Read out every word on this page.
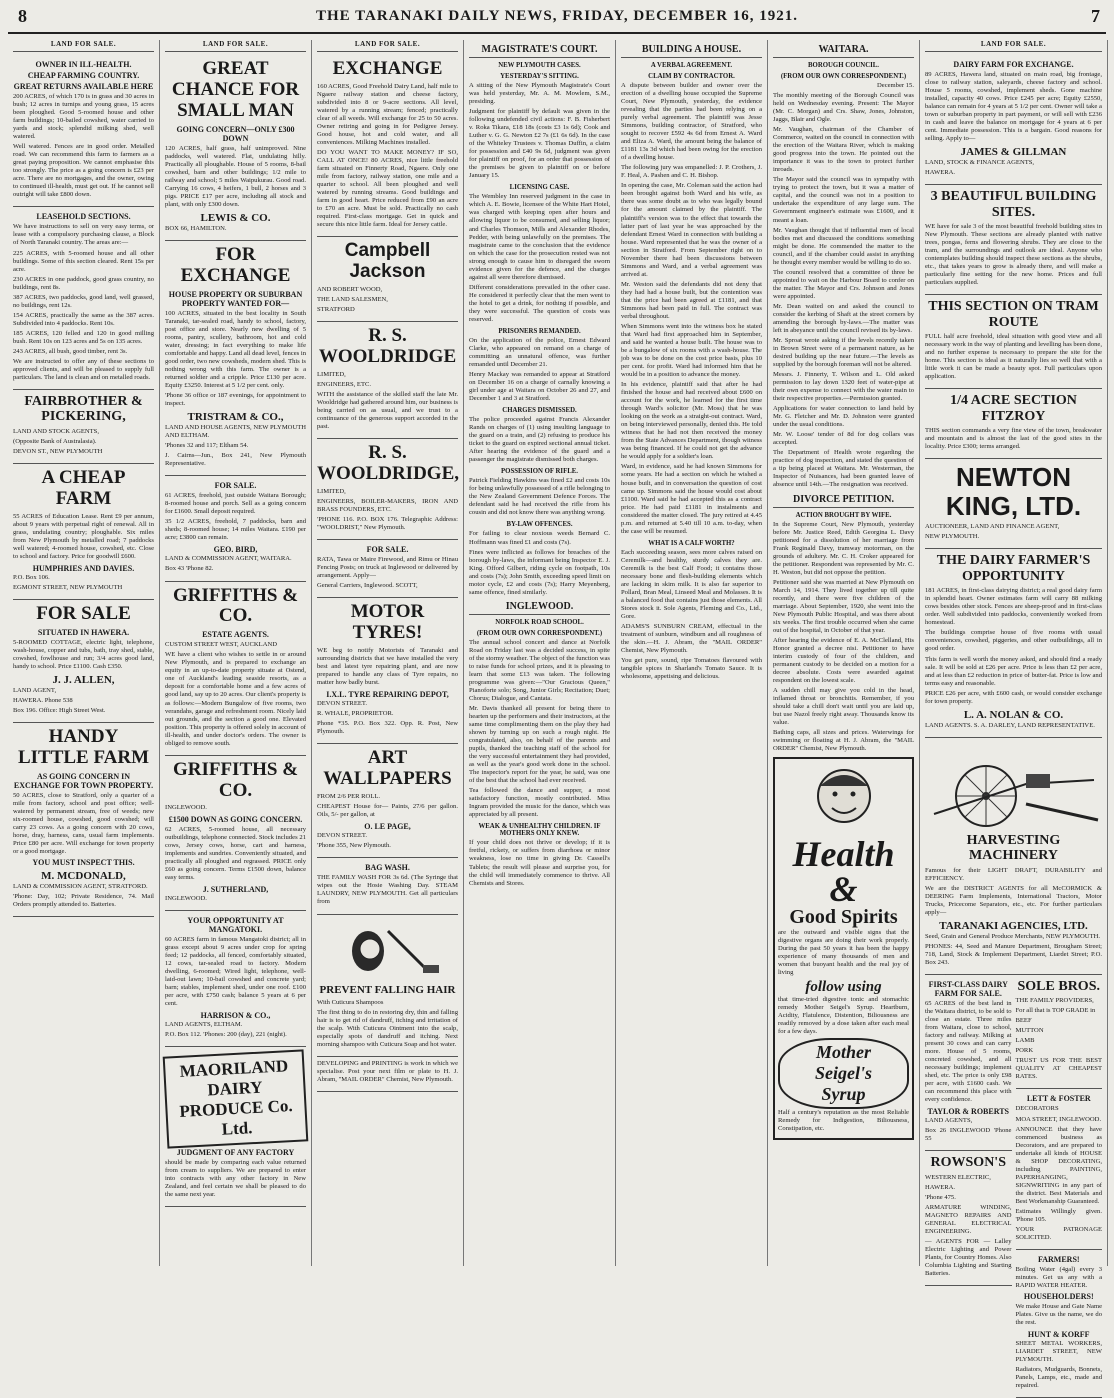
8	THE TARANAKI DAILY NEWS, FRIDAY, DECEMBER 16, 1921.	7
LAND FOR SALE.
OWNER IN ILL-HEALTH.
CHEAP FARMING COUNTRY.
GREAT RETURNS AVAILABLE HERE

200 ACRES, of which 170 is in grass and 30 acres in bush; 12 acres in turnips and young grass, 15 acres been ploughed. Good 5-roomed house and other farm buildings; 10-bailed cowshed, water carried to yards and stock; splendid milking shed, well watered.

Well watered. Fences are in good order. Metalled road. We can recommend this farm to farmers as a great paying proposition. We cannot emphasise this too strongly. The price as a going concern is £23 per acre. There are no mortgages, and the owner, owing to continued ill-health, must get out. If he cannot sell outright will take £800 down.

LEASEHOLD SECTIONS.

We have instructions to sell on very easy terms, or lease with a compulsory purchasing clause, a Block of North Taranaki country. The areas are:—

225 ACRES, with 5-roomed house and all other buildings. Some of this section cleared. Rent 15s per acre.

230 ACRES in one paddock, good grass country, no buildings, rent 8s.

387 ACRES, two paddocks, good land, well grassed, no buildings, rent 12s.

154 ACRES, practically the same as the 387 acres. Subdivided into 4 paddocks. Rent 10s.

185 ACRES, 120 felled and 120 in good milling bush. Rent 10s on 123 acres and 5s on 135 acres.

243 ACRES, all bush, good timber, rent 3s.

We are instructed to offer any of these sections to approved clients, and will be pleased to supply full particulars. The land is clean and on metalled roads.

FAIRBROTHER & PICKERING,

LAND AND STOCK AGENTS,

(Opposite Bank of Australasia).

DEVON ST., NEW PLYMOUTH

A CHEAP FARM

55 ACRES of Education Lease. Rent £9 per annum, about 9 years with perpetual right of renewal. All in grass, undulating country; ploughable. Six miles from New Plymouth by metalled road; 7 paddocks well watered; 4-roomed house, cowshed, etc. Close to school and factory. Price for goodwill £600.

HUMPHRIES AND DAVIES.

P.O. Box 106.

EGMONT STREET, NEW PLYMOUTH

FOR SALE
SITUATED IN HAWERA.

5-ROOMED COTTAGE, electric light, telephone, wash-house, copper and tubs, bath, tray shed, stable, cowshed, fowlhouse and run; 3/4 acres good land, handy to school. Price £1100. Cash £350.

J. J. ALLEN,

LAND AGENT,

HAWERA. Phone 538

Box 196. Office: High Street West.

HANDY LITTLE FARM
AS GOING CONCERN IN EXCHANGE FOR TOWN PROPERTY.

50 ACRES, close to Stratford, only a quarter of a mile from factory, school and post office; well-watered by permanent stream, free of weeds; new six-roomed house, cowshed, good cowshed; will carry 23 cows. As a going concern with 20 cows, horse, dray, harness, cans, usual farm implements. Price £80 per acre. Will exchange for town property or a good mortgage.

YOU MUST INSPECT THIS.
M. MCDONALD,

LAND & COMMISSION AGENT, STRATFORD.

'Phone: Day, 102; Private Residence, 74. Mail Orders promptly attended to. Batteries.

LAND FOR SALE.
GREAT CHANCE FOR SMALL MAN
GOING CONCERN—ONLY £300 DOWN

120 ACRES, half grass, half unimproved. Nine paddocks, well watered. Flat, undulating hilly. Practically all ploughable. House of 5 rooms, 8-bail cowshed, barn and other buildings; 1/2 mile to railway and school; 5 miles Waipukurau. Good road. Carrying 16 cows, 4 heifers, 1 bull, 2 horses and 3 pigs. PRICE £17 per acre, including all stock and plant, with only £300 down.

LEWIS & CO.

BOX 66, HAMILTON.

FOR EXCHANGE
HOUSE PROPERTY OR SUBURBAN PROPERTY WANTED FOR—

100 ACRES, situated in the best locality in South Taranaki, tar-sealed road, handy to school, factory, post office and store. Nearly new dwelling of 5 rooms, pantry, scullery, bathroom, hot and cold water, dressing; in fact everything to make life comfortable and happy. Land all dead level, fences in good order, two new cowsheds, modern shed. This is nothing wrong with this farm. The owner is a returned soldier and a cripple. Price £130 per acre. Equity £3250. Interest at 5 1/2 per cent. only.

'Phone 36 office or 187 evenings, for appointment to inspect.

TRISTRAM & CO.,

LAND AND HOUSE AGENTS, NEW PLYMOUTH AND ELTHAM.

'Phones 32 and 117; Eltham 54.

J. Cairns—Jun., Box 241, New Plymouth Representative.

FOR SALE.

61 ACRES, freehold, just outside Waitara Borough; 8-roomed house and porch. Sell as a going concern for £1600. Small deposit required.

35 1/2 ACRES, freehold, 7 paddocks, barn and sheds; 8-roomed house; 14 miles Waitara. £190 per acre; £3800 can remain.

GEO. BIRD,

LAND & COMMISSION AGENT, WAITARA.

Box 43 'Phone 82.

GRIFFITHS & CO.
ESTATE AGENTS.

CUSTOM STREET WEST, AUCKLAND

WE have a client who wishes to settle in or around New Plymouth, and is prepared to exchange an equity in an up-to-date property situate at Ostend, one of Auckland's leading seaside resorts, as a deposit for a comfortable home and a few acres of good land, say up to 20 acres. Our client's property is as follows:—Modern Bungalow of five rooms, two verandahs, garage and refreshment room. Nicely laid out grounds, and the section a good one. Elevated position. This property is offered solely in account of ill-health, and under doctor's orders. The owner is obliged to remove south.

GRIFFITHS & CO.

INGLEWOOD.

£1500 DOWN AS GOING CONCERN.

62 ACRES, 5-roomed house, all necessary outbuildings, telephone connected. Stock includes 21 cows, Jersey cows, horse, cart and harness, implements and sundries. Conveniently situated, and practically all ploughed and regrassed. PRICE only £60 as going concern. Terms £1500 down, balance easy terms.

J. SUTHERLAND,

INGLEWOOD.

YOUR OPPORTUNITY AT MANGATOKI.

60 ACRES farm in famous Mangatoki district; all in grass except about 9 acres under crop for spring feed; 12 paddocks, all fenced, comfortably situated, 12 cows, tar-sealed road to factory. Modern dwelling, 6-roomed; Wired light, telephone, well-laid-out lawn; 10-bail cowshed and concrete yard; barn; stables, implement shed, under one roof. £100 per acre, with £750 cash; balance 5 years at 6 per cent.

HARRISON & CO.,

LAND AGENTS, ELTHAM.

P.O. Box 112. 'Phones: 200 (day), 221 (night).

MAORILAND DAIRY PRODUCE Co. Ltd.
JUDGMENT OF ANY FACTORY

should be made by comparing each value returned from cream to suppliers. We are prepared to enter into contracts with any other factory in New Zealand, and feel certain we shall be pleased to do the same next year.

LAND FOR SALE.
EXCHANGE

160 ACRES, Good Freehold Dairy Land, half mile to Ngaere railway station and cheese factory, subdivided into 8 or 9-acre sections. All level, watered by a running stream; fenced; practically clear of all weeds. Will exchange for 25 to 50 acres. Owner retiring and going in for Pedigree Jersey. Good house, hot and cold water, and all conveniences. Milking Machines installed.

DO YOU WANT TO MAKE MONEY? IF SO, CALL AT ONCE! 80 ACRES, nice little freehold farm situated on Finnerty Road, Ngaere. Only one mile from factory, railway station, one mile and a quarter to school. All been ploughed and well watered by running streams. Good buildings and farm in good heart. Price reduced from £90 an acre to £70 an acre. Must be sold. Practically no cash required. First-class mortgage. Get in quick and secure this nice little farm. Ideal for Jersey cattle.

Campbell Jackson

AND ROBERT WOOD,

THE LAND SALESMEN,

STRATFORD

R. S. WOOLDRIDGE

LIMITED,

ENGINEERS, ETC.

WITH the assistance of the skilled staff the late Mr. Wooldridge had gathered around him, our business is being carried on as usual, and we trust to a continuance of the generous support accorded in the past.

R. S. WOOLDRIDGE,

LIMITED,

ENGINEERS, BOILER-MAKERS, IRON AND BRASS FOUNDERS, ETC.

'PHONE 116. P.O. BOX 176. Telegraphic Address: "WOOLDRIST," New Plymouth.

FOR SALE.

RATA, Tawa or Maire Firewood, and Rimu or Hinau Fencing Posts; on truck at Inglewood or delivered by arrangement. Apply—

General Carriers, Inglewood. SCOTT,

MOTOR TYRES!

WE beg to notify Motorists of Taranaki and surrounding districts that we have installed the very best and latest tyre repairing plant, and are now prepared to handle any class of Tyre repairs, no matter how badly burst.

I.X.L. TYRE REPAIRING DEPOT,

DEVON STREET.

R. WHALE, PROPRIETOR.

Phone *35. P.O. Box 322. Opp. R. Post, New Plymouth.

ART WALLPAPERS

FROM 2/6 PER ROLL.

CHEAPEST House for— Paints, 27/6 per gallon. Oils, 5/- per gallon, at

O. LE PAGE,

DEVON STREET.

'Phone 355, New Plymouth.

BAG WASH.

THE FAMILY WASH FOR 3s 6d. (The Syringe that wipes out the Hosie Washing Day. STEAM LAUNDRY, NEW PLYMOUTH. Get all particulars from

PREVENT FALLING HAIR

With Cuticura Shampoos

The first thing to do in restoring dry, thin and falling hair is to get rid of dandruff, itching and irritation of the scalp. With Cuticura Ointment into the scalp, especially spots of dandruff and itching. Next morning shampoo with Cuticura Soap and hot water.

DEVELOPING and PRINTING is work in which we specialise. Post your next film or plate to H. J. Abram, "MAIL ORDER" Chemist, New Plymouth.

MAGISTRATE'S COURT.
NEW PLYMOUTH CASES.
YESTERDAY'S SITTING.

A sitting of the New Plymouth Magistrate's Court was held yesterday, Mr. A. M. Mowlem, S.M., presiding.

Judgment for plaintiff by default was given in the following undefended civil actions: F. B. Fisherbert v. Roka Tikara, £18 18s (costs £3 1s 6d); Cook and Luther v. G. G. Newton £2 7s (£1 6s 6d). In the case of the Whiteley Trustees v. Thomas Duffin, a claim for possession and £40 9s 6d, judgment was given for plaintiff on proof, for an order that possession of the premises be given to plaintiff on or before January 15.

LICENSING CASE.

The Wembley Inn reserved judgment in the case in which A. E. Bowie, licensee of the White Hart Hotel, was charged with keeping open after hours and allowing liquor to be consumed, and selling liquor; and Charles Thomson, Mills and Alexander Rhodes, Pedder, with being unlawfully on the premises. The magistrate came to the conclusion that the evidence on which the case for the prosecution rested was not strong enough to cause him to disregard the sworn evidence given for the defence, and the charges against all were therefore dismissed.

Different considerations prevailed in the other case. He considered it perfectly clear that the men went to the hotel to get a drink, for nothing if possible, and they were successful. The question of costs was reserved.

PRISONERS REMANDED.

On the application of the police, Ernest Edward Clarke, who appeared on remand on a charge of committing an unnatural offence, was further remanded until December 21.

Henry Mackay was remanded to appear at Stratford on December 16 on a charge of carnally knowing a girl under age at Waitara on October 26 and 27, and December 1 and 3 at Stratford.

CHARGES DISMISSED.

The police proceeded against Francis Alexander Rands on charges of (1) using insulting language to the guard on a train, and (2) refusing to produce his ticket to the guard on expired sectional annual ticket. After hearing the evidence of the guard and a passenger the magistrate dismissed both charges.

POSSESSION OF RIFLE.

Patrick Fielding Hawkins was fined £2 and costs 10s for being unlawfully possessed of a rifle belonging to the New Zealand Government Defence Forces. The defendant said he had received the rifle from his cousin and did not know there was anything wrong.

BY-LAW OFFENCES.

For failing to clear noxious weeds Bernard C. Hoffmann was fined £1 and costs (7s).

Fines were inflicted as follows for breaches of the borough by-laws, the informant being Inspector E. J. King. Offord Gilbert, riding cycle on footpath, 10s and costs (7s); John Smith, exceeding speed limit on motor cycle, £2 and costs (7s); Harry Meyenberg, same offence, fined similarly.

INGLEWOOD.
NORFOLK ROAD SCHOOL.
(FROM OUR OWN CORRESPONDENT.)

The annual school concert and dance at Norfolk Road on Friday last was a decided success, in spite of the stormy weather. The object of the function was to raise funds for school prizes, and it is pleasing to learn that some £13 was taken. The following programme was given:—"Our Gracious Queen," Pianoforte solo; Song, Junior Girls; Recitation; Duet; Chorus; Dialogue, and Cantata.

Mr. Davis thanked all present for being there to hearten up the performers and their instructors, at the same time complimenting them on the play they had shown by turning up on such a rough night. He congratulated, also, on behalf of the parents and pupils, thanked the teaching staff of the school for the very successful entertainment they had provided, as well as the year's good work done in the school. The inspector's report for the year, he said, was one of the best that the school had ever received.

Tea followed the dance and supper, a most satisfactory function, mostly contributed. Miss Ingram provided the music for the dance, which was appreciated by all present.

WEAK & UNHEALTHY CHILDREN. IF MOTHERS ONLY KNEW.

If your child does not thrive or develop; if it is fretful, rickety, or suffers from diarrhoea or minor weakness, lose no time in giving Dr. Cassell's Tablets; the result will please and surprise you, for the child will immediately commence to thrive. All Chemists and Stores.

BUILDING A HOUSE.
A VERBAL AGREEMENT.
CLAIM BY CONTRACTOR.

A dispute between builder and owner over the erection of a dwelling house occupied the Supreme Court, New Plymouth, yesterday, the evidence revealing that the parties had been relying on a purely verbal agreement. The plaintiff was Jesse Simmons, building contractor, of Stratford, who sought to recover £592 4s 6d from Ernest A. Ward and Eliza A. Ward, the amount being the balance of £1181 13s 3d which had been owing for the erection of a dwelling house.

The following jury was empanelled: J. P. Crothers, J. F. Heal, A. Pashen and C. H. Bishop.

In opening the case, Mr. Coleman said the action had been brought against both Ward and his wife, as there was some doubt as to who was legally bound for the amount claimed by the plaintiff. The plaintiff's version was to the effect that towards the latter part of last year he was approached by the defendant Ernest Ward in connection with building a house. Ward represented that he was the owner of a section in Stratford. From September right on to November there had been discussions between Simmons and Ward, and a verbal agreement was arrived at.

Mr. Weston said the defendants did not deny that they had had a house built, but the contention was that the price had been agreed at £1181, and that Simmons had been paid in full. The contract was verbal throughout.

When Simmons went into the witness box he stated that Ward had first approached him in September, and said he wanted a house built. The house was to be a bungalow of six rooms with a wash-house. The job was to be done on the cost price basis, plus 10 per cent. for profit. Ward had informed him that he would be in a position to advance the money.

In his evidence, plaintiff said that after he had finished the house and had received about £600 on account for the work, he learned for the first time through Ward's solicitor (Mr. Moss) that he was looking on the work as a straight-out contract. Ward, on being interviewed personally, denied this. He told witness that he had not then received the money from the State Advances Department, though witness was being financed. If he could not get the advance he would apply for a soldier's loan.

Ward, in evidence, said he had known Simmons for some years. He had a section on which he wished a house built, and in conversation the question of cost came up. Simmons said the house would cost about £1100. Ward said he had accepted this as a contract price. He had paid £1181 in instalments and considered the matter closed. The jury retired at 4.45 p.m. and returned at 5.40 till 10 a.m. to-day, when the case will be resumed.

WHAT IS A CALF WORTH?

Each succeeding season, sees more calves raised on Ceremilk—and healthy, sturdy calves they are. Ceremilk is the best Calf Food; it contains those necessary bone and flesh-building elements which are lacking in skim milk. It is also far superior to Pollard, Bran Meal, Linseed Meal and Molasses. It is a balanced food that contains just those elements. All Stores stock it. Sole Agents, Fleming and Co., Ltd., Gore.

ADAMS'S SUNBURN CREAM, effectual in the treatment of sunburn, windburn and all roughness of the skin.—H. J. Abram, the "MAIL ORDER" Chemist, New Plymouth.

You get pure, sound, ripe Tomatoes flavoured with tangible spices in Sharland's Tomato Sauce. It is wholesome, appetising and delicious.

WAITARA.
BOROUGH COUNCIL.
(FROM OUR OWN CORRESPONDENT.)

December 15.

The monthly meeting of the Borough Council was held on Wednesday evening. Present: The Mayor (Mr. C. Morgan) and Crs. Shaw, Jones, Johnston, Jaggs, Blair and Ogle.

Mr. Vaughan, chairman of the Chamber of Commerce, waited on the council in connection with the erection of the Waitara River, which is making good progress into the town. He pointed out the importance it was to the town to protect further inroads.

The Mayor said the council was in sympathy with trying to protect the town, but it was a matter of capital, and the council was not in a position to undertake the expenditure of any large sum. The Government engineer's estimate was £1600, and it meant a loan.

Mr. Vaughan thought that if influential men of local bodies met and discussed the conditions something might be done. He commended the matter to the council, and if the chamber could assist in anything he thought every member would be willing to do so.

The council resolved that a committee of three be appointed to wait on the Harbour Board to confer on the matter. The Mayor and Crs. Johnson and Jones were appointed.

Mr. Dean waited on and asked the council to consider the kerbing of Shaft at the street corners by amending the borough by-laws.—The matter was left in abeyance until the council revised its by-laws.

Mr. Sproat wrote asking if the levels recently taken in Brown Street were of a permanent nature, as he desired building up the near future.—The levels as supplied by the borough foreman will not be altered.

Messrs. J. Finnerty, T. Wilson and L. Old asked permission to lay down 1320 feet of water-pipe at their own expense to connect with the water main to their respective properties.—Permission granted.

Applications for water connection to land held by Mr. G. Fletcher and Mr. D. Johnston were granted under the usual conditions.

Mr. W. Loose' tender of 8d for dog collars was accepted.

The Department of Health wrote regarding the practice of dog inspection, and stated the question of a tip being placed at Waitara. Mr. Westerman, the Inspector of Nuisances, had been granted leave of absence until 14th.—The resignation was received.

DIVORCE PETITION.
ACTION BROUGHT BY WIFE.

In the Supreme Court, New Plymouth, yesterday before Mr. Justice Reed, Edith Georgina L. Davy petitioned for a dissolution of her marriage from Frank Reginald Davy, tramway motorman, on the grounds of adultery. Mr. C. H. Croker appeared for the petitioner. Respondent was represented by Mr. C. H. Weston, but did not oppose the petition.

Petitioner said she was married at New Plymouth on March 14, 1914. They lived together up till quite recently, and there were five children of the marriage. About September, 1920, she went into the New Plymouth Public Hospital, and was there about six weeks. The first trouble occurred when she came out of the hospital, in October of that year.

After hearing the evidence of E. A. McClelland, His Honor granted a decree nisi. Petitioner to have interim custody of four of the children, and permanent custody to be decided on a motion for a decree absolute. Costs were awarded against respondent on the lowest scale.

A sudden chill may give you cold in the head, inflamed throat or bronchitis. Remember, if you should take a chill don't wait until you are laid up, but use Nazol freely right away. Thousands know its value.

Bathing caps, all sizes and prices. Waterwings for swimming or floating at H. J. Abram, the "MAIL ORDER" Chemist, New Plymouth.

Health &
Good Spirits

are the outward and visible signs that the digestive organs are doing their work properly. During the past 50 years it has been the happy experience of many thousands of men and women that buoyant health and the real joy of living

follow using

that time-tried digestive tonic and stomachic remedy Mother Seigel's Syrup. Heartburn, Acidity, Flatulence, Distention, Biliousness are readily removed by a dose taken after each meal for a few days.

Mother Seigel's Syrup

Half a century's reputation as the most Reliable Remedy for Indigestion, Biliousness, Constipation, etc.

LAND FOR SALE.
DAIRY FARM FOR EXCHANGE.

89 ACRES, Hawera land, situated on main road, big frontage, close to railway station, saleyards, cheese factory and school. House 5 rooms, cowshed, implement sheds. Gone machine installed, capacity 40 cows. Price £245 per acre; Equity £2550, balance can remain for 4 years at 5 1/2 per cent. Owner will take a town or suburban property in part payment, or will sell with £236 in cash and leave the balance on mortgage for 4 years at 6 per cent. Immediate possession. This is a bargain. Good reasons for selling. Apply to—

JAMES & GILLMAN

LAND, STOCK & FINANCE AGENTS,

HAWERA.

3 BEAUTIFUL BUILDING SITES.

WE have for sale 3 of the most beautiful freehold building sites in New Plymouth. These sections are already planted with native trees, pongas, ferns and flowering shrubs. They are close to the tram, and the surroundings and outlook are ideal. Anyone who contemplates building should inspect these sections as the shrubs, etc., that takes years to grow is already there, and will make a particularly fine setting for the new home. Prices and full particulars supplied.

THIS SECTION ON TRAM ROUTE

FULL half acre freehold, ideal situation with good view and all necessary work in the way of planting and levelling has been done, and no further expense is necessary to prepare the site for the home. This section is ideal as it naturally lies so well that with a little work it can be made a beauty spot. Full particulars upon application.

1/4 ACRE SECTION FITZROY

THIS section commands a very fine view of the town, breakwater and mountain and is almost the last of the good sites in the locality. Price £300; terms arranged.

NEWTON KING, LTD.

AUCTIONEER, LAND AND FINANCE AGENT,

NEW PLYMOUTH.

THE DAIRY FARMER'S OPPORTUNITY

181 ACRES, in first-class dairying district; a real good dairy farm in splendid heart. Owner estimates farm will carry 88 milking cows besides other stock. Fences are sheep-proof and in first-class order. Well subdivided into paddocks, conveniently worked from homestead.

The buildings comprise house of five rooms with usual conveniences, cowshed, piggeries, and other outbuildings, all in good order.

This farm is well worth the money asked, and should find a ready sale. It will be sold at £26 per acre. Price is less than £2 per acre, and at less than £2 reduction in price of butter-fat. Price is low and terms easy and reasonable.

PRICE £26 per acre, with £600 cash, or would consider exchange for town property.

L. A. NOLAN & CO.

LAND AGENTS. S. A. DARLEY, LAND REPRESENTATIVE.

HARVESTING MACHINERY

Famous for their LIGHT DRAFT, DURABILITY and EFFICIENCY.

We are the DISTRICT AGENTS for all McCORMICK & DEERING Farm Implements, International Tractors, Motor Trucks, Pricecome Separators, etc., etc. For further particulars apply—

TARANAKI AGENCIES, LTD.

Seed, Grain and General Produce Merchants, NEW PLYMOUTH.

PHONES: 44, Seed and Manure Department, Brougham Street; 718, Land, Stock & Implement Department, Liardet Street; P.O. Box 243.

FIRST-CLASS DAIRY FARM FOR SALE.

65 ACRES of the best land in the Waitara district, to be sold to close an estate. Three miles from Waitara, close to school, factory and railway. Milking at present 30 cows and can carry more. House of 5 rooms, concreted cowshed, and all necessary buildings; implement shed, etc. The price is only £98 per acre, with £1600 cash. We can recommend this place with every confidence.

TAYLOR & ROBERTS

LAND AGENTS,

Box 26 INGLEWOOD 'Phone 55

ROWSON'S

WESTERN ELECTRIC,

HAWERA.

'Phone 475.

ARMATURE WINDING, MAGNETO REPAIRS AND GENERAL ELECTRICAL ENGINEERING.

— AGENTS FOR — Lalley Electric Lighting and Power Plants, for Country Homes. Also Columbia Lighting and Starting Batteries.

SOLE BROS.

THE FAMILY PROVIDERS,

For all that is TOP GRADE in

BEEF

MUTTON

LAMB

PORK

TRUST US FOR THE BEST QUALITY AT CHEAPEST RATES.

LETT & FOSTER

DECORATORS

MOA STREET, INGLEWOOD.

ANNOUNCE that they have commenced business as Decorators, and are prepared to undertake all kinds of HOUSE & SHOP DECORATING, including PAINTING, PAPERHANGING, SIGNWRITING in any part of the district. Best Materials and Best Workmanship Guaranteed.

Estimates Willingly given. 'Phone 105.

YOUR PATRONAGE SOLICITED.

FARMERS!

Boiling Water (4gal) every 3 minutes. Get us any with a RAPID WATER HEATER.

HOUSEHOLDERS!

We make House and Gate Name Plates. Give us the name, we do the rest.

HUNT & KORFF

SHEET METAL WORKERS, LIARDET STREET, NEW PLYMOUTH.

Radiators, Mudguards, Bonnets, Panels, Lamps, etc., made and repaired.
